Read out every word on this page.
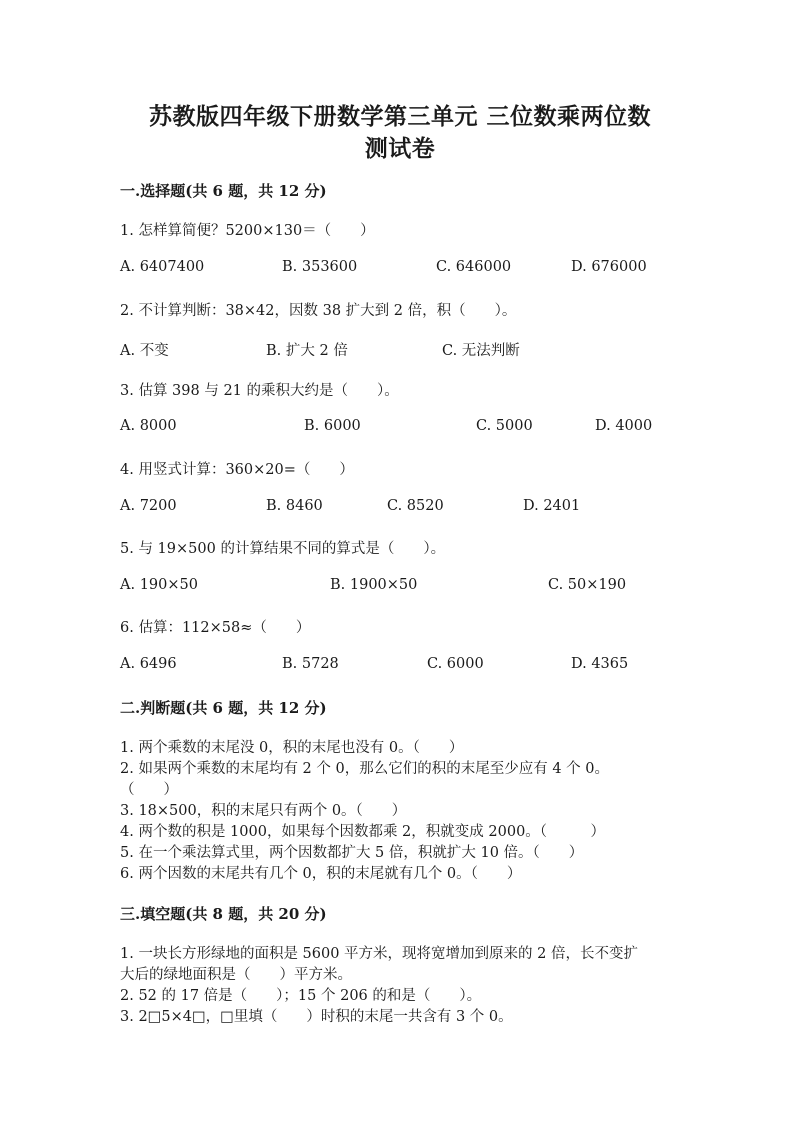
苏教版四年级下册数学第三单元 三位数乘两位数
测试卷
一.选择题(共 6 题，共 12 分)
1. 怎样算简便？5200×130＝（　　）
A. 6407400	B. 353600	C. 646000	D. 676000
2. 不计算判断：38×42，因数 38 扩大到 2 倍，积（　　）。
A. 不变	B. 扩大 2 倍	C. 无法判断
3. 估算 398 与 21 的乘积大约是（　　）。
A. 8000	B. 6000	C. 5000	D. 4000
4. 用竖式计算：360×20=（　　）
A. 7200	B. 8460	C. 8520	D. 2401
5. 与 19×500 的计算结果不同的算式是（　　）。
A. 190×50	B. 1900×50	C. 50×190
6. 估算：112×58≈（　　）
A. 6496	B. 5728	C. 6000	D. 4365
二.判断题(共 6 题，共 12 分)
1. 两个乘数的末尾没 0，积的末尾也没有 0。（　　）
2. 如果两个乘数的末尾均有 2 个 0，那么它们的积的末尾至少应有 4 个 0。
（　　）
3. 18×500，积的末尾只有两个 0。（　　）
4. 两个数的积是 1000，如果每个因数都乘 2，积就变成 2000。（　　　）
5. 在一个乘法算式里，两个因数都扩大 5 倍，积就扩大 10 倍。（　　）
6. 两个因数的末尾共有几个 0，积的末尾就有几个 0。（　　）
三.填空题(共 8 题，共 20 分)
1. 一块长方形绿地的面积是 5600 平方米，现将宽增加到原来的 2 倍，长不变扩
大后的绿地面积是（　　）平方米。
2. 52 的 17 倍是（　　）；15 个 206 的和是（　　）。
3. 2□5×4□，□里填（　　）时积的末尾一共含有 3 个 0。
